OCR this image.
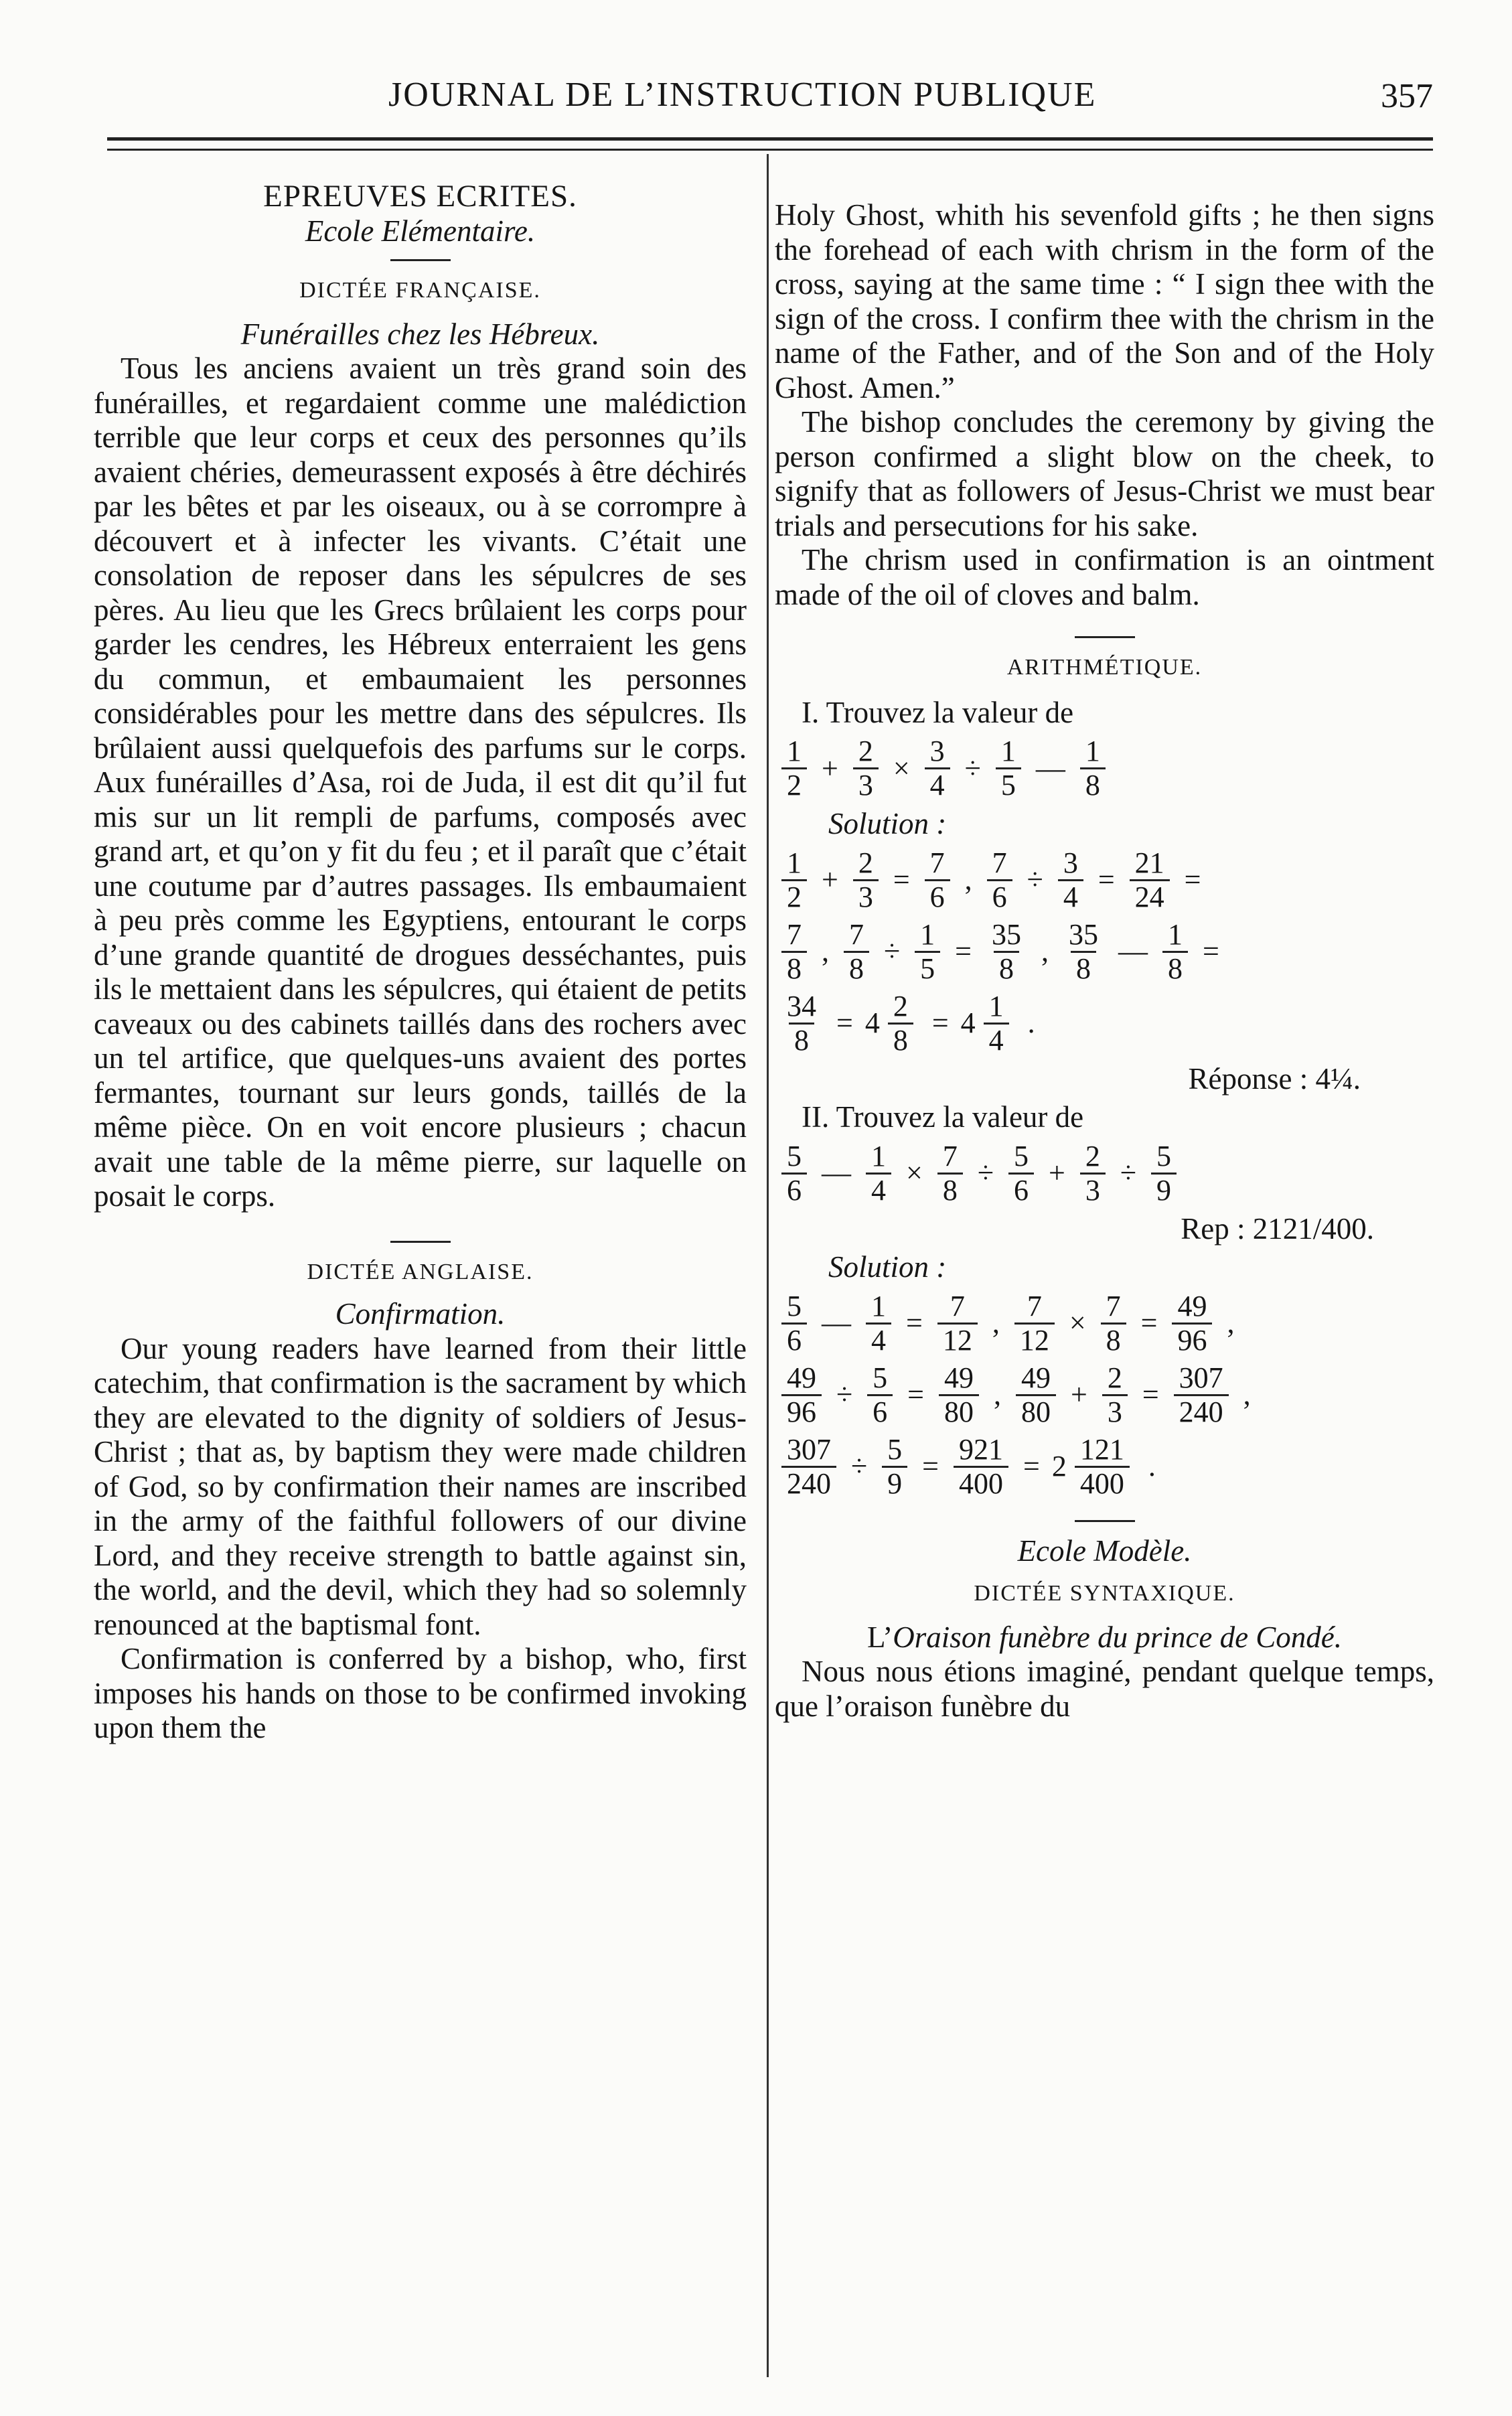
JOURNAL DE L’INSTRUCTION PUBLIQUE	357
EPREUVES ECRITES.
Ecole Elémentaire.
DICTÉE FRANÇAISE.
Funérailles chez les Hébreux.

Tous les anciens avaient un très grand soin des funérailles, et regardaient comme une malédiction terrible que leur corps et ceux des personnes qu’ils avaient chéries, demeurassent exposés à être déchirés par les bêtes et par les oiseaux, ou à se corrompre à découvert et à infecter les vivants. C’était une consolation de reposer dans les sépulcres de ses pères. Au lieu que les Grecs brûlaient les corps pour garder les cendres, les Hébreux enterraient les gens du commun, et embaumaient les personnes considérables pour les mettre dans des sépulcres. Ils brûlaient aussi quelquefois des parfums sur le corps. Aux funérailles d’Asa, roi de Juda, il est dit qu’il fut mis sur un lit rempli de parfums, composés avec grand art, et qu’on y fit du feu ; et il paraît que c’était une coutume par d’autres passages. Ils embaumaient à peu près comme les Egyptiens, entourant le corps d’une grande quantité de drogues desséchantes, puis ils le mettaient dans les sépulcres, qui étaient de petits caveaux ou des cabinets taillés dans des rochers avec un tel artifice, que quelques-uns avaient des portes fermantes, tournant sur leurs gonds, taillés de la même pièce. On en voit encore plusieurs ; chacun avait une table de la même pierre, sur laquelle on posait le corps.

DICTÉE ANGLAISE.
Confirmation.

Our young readers have learned from their little catechim, that confirmation is the sacrament by which they are elevated to the dignity of soldiers of Jesus-Christ ; that as, by baptism they were made children of God, so by confirmation their names are inscribed in the army of the faithful followers of our divine Lord, and they receive strength to battle against sin, the world, and the devil, which they had so solemnly renounced at the baptismal font.

Confirmation is conferred by a bishop, who, first imposes his hands on those to be confirmed invoking upon them the

Holy Ghost, whith his sevenfold gifts ; he then signs the forehead of each with chrism in the form of the cross, saying at the same time : “ I sign thee with the sign of the cross. I confirm thee with the chrism in the name of the Father, and of the Son and of the Holy Ghost. Amen.”

The bishop concludes the ceremony by giving the person confirmed a slight blow on the cheek, to signify that as followers of Jesus-Christ we must bear trials and persecutions for his sake.

The chrism used in confirmation is an ointment made of the oil of cloves and balm.

ARITHMÉTIQUE.
I. Trouvez la valeur de
$\frac{1}{2} + \frac{2}{3} \times \frac{3}{4} \div \frac{1}{5}$ — $\frac{1}{8}$
Solution :
$\frac{1}{2} + \frac{2}{3} = \frac{7}{6}$ , $\frac{7}{6} \div \frac{3}{4} = \frac{21}{24}$ =
$\frac{7}{8}$ , $\frac{7}{8} \div \frac{1}{5} = \frac{35}{8}$ , $\frac{35}{8}$ — $\frac{1}{8}$ =
$\frac{34}{8} = 4 \frac{2}{8} = 4 \frac{1}{4}$ .
Réponse : 4¼.
II. Trouvez la valeur de
$\frac{5}{6}$ — $\frac{1}{4} \times \frac{7}{8} \div \frac{5}{6} + \frac{2}{3} \div \frac{5}{9}$
Rep : 2121/400.
Solution :
$\frac{5}{6}$ — $\frac{1}{4} = \frac{7}{12}$ , $\frac{7}{12} \times \frac{7}{8} = \frac{49}{96}$ ,
$\frac{49}{96} \div \frac{5}{6} = \frac{49}{80}$ , $\frac{49}{80} + \frac{2}{3} = \frac{307}{240}$ ,
$\frac{307}{240} \div \frac{5}{9} = \frac{921}{400} = 2 \frac{121}{400}$ .
Ecole Modèle.
DICTÉE SYNTAXIQUE.
L’Oraison funèbre du prince de Condé.

Nous nous étions imaginé, pendant quelque temps, que l’oraison funèbre du
